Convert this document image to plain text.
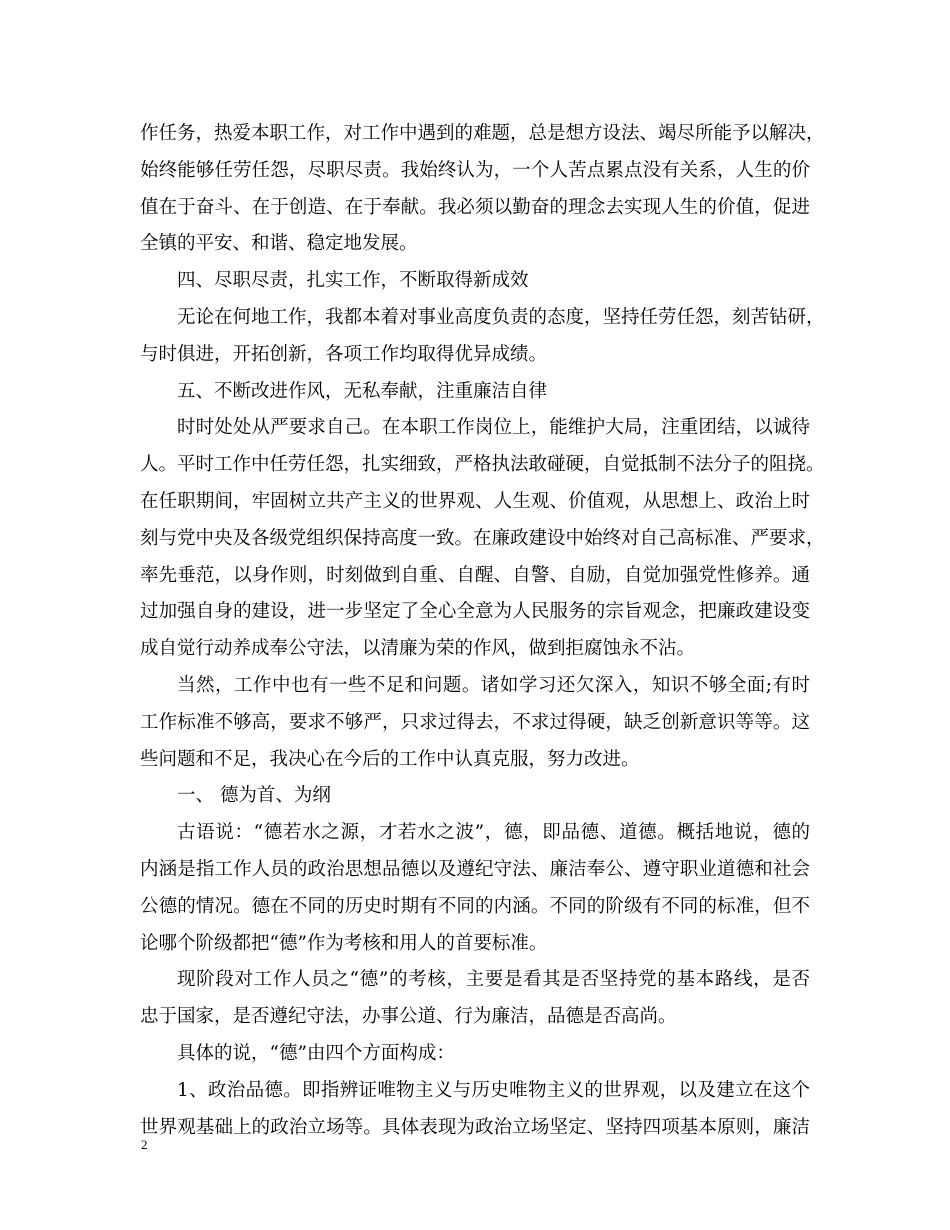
作任务，热爱本职工作，对工作中遇到的难题，总是想方设法、竭尽所能予以解决，
始终能够任劳任怨，尽职尽责。我始终认为，一个人苦点累点没有关系，人生的价
值在于奋斗、在于创造、在于奉献。我必须以勤奋的理念去实现人生的价值，促进
全镇的平安、和谐、稳定地发展。
四、尽职尽责，扎实工作，不断取得新成效
无论在何地工作，我都本着对事业高度负责的态度，坚持任劳任怨，刻苦钻研，
与时俱进，开拓创新，各项工作均取得优异成绩。
五、不断改进作风，无私奉献，注重廉洁自律
时时处处从严要求自己。在本职工作岗位上，能维护大局，注重团结，以诚待
人。平时工作中任劳任怨，扎实细致，严格执法敢碰硬，自觉抵制不法分子的阻挠。
在任职期间，牢固树立共产主义的世界观、人生观、价值观，从思想上、政治上时
刻与党中央及各级党组织保持高度一致。在廉政建设中始终对自己高标准、严要求，
率先垂范，以身作则，时刻做到自重、自醒、自警、自励，自觉加强党性修养。通
过加强自身的建设，进一步坚定了全心全意为人民服务的宗旨观念，把廉政建设变
成自觉行动养成奉公守法，以清廉为荣的作风，做到拒腐蚀永不沾。
当然，工作中也有一些不足和问题。诸如学习还欠深入，知识不够全面;有时
工作标准不够高，要求不够严，只求过得去，不求过得硬，缺乏创新意识等等。这
些问题和不足，我决心在今后的工作中认真克服，努力改进。
一、 德为首、为纲
古语说：“德若水之源，才若水之波”，德，即品德、道德。概括地说，德的
内涵是指工作人员的政治思想品德以及遵纪守法、廉洁奉公、遵守职业道德和社会
公德的情况。德在不同的历史时期有不同的内涵。不同的阶级有不同的标准，但不
论哪个阶级都把“德”作为考核和用人的首要标准。
现阶段对工作人员之“德”的考核，主要是看其是否坚持党的基本路线，是否
忠于国家，是否遵纪守法，办事公道、行为廉洁，品德是否高尚。
具体的说，“德”由四个方面构成：
1、政治品德。即指辨证唯物主义与历史唯物主义的世界观，以及建立在这个
世界观基础上的政治立场等。具体表现为政治立场坚定、坚持四项基本原则，廉洁
2
